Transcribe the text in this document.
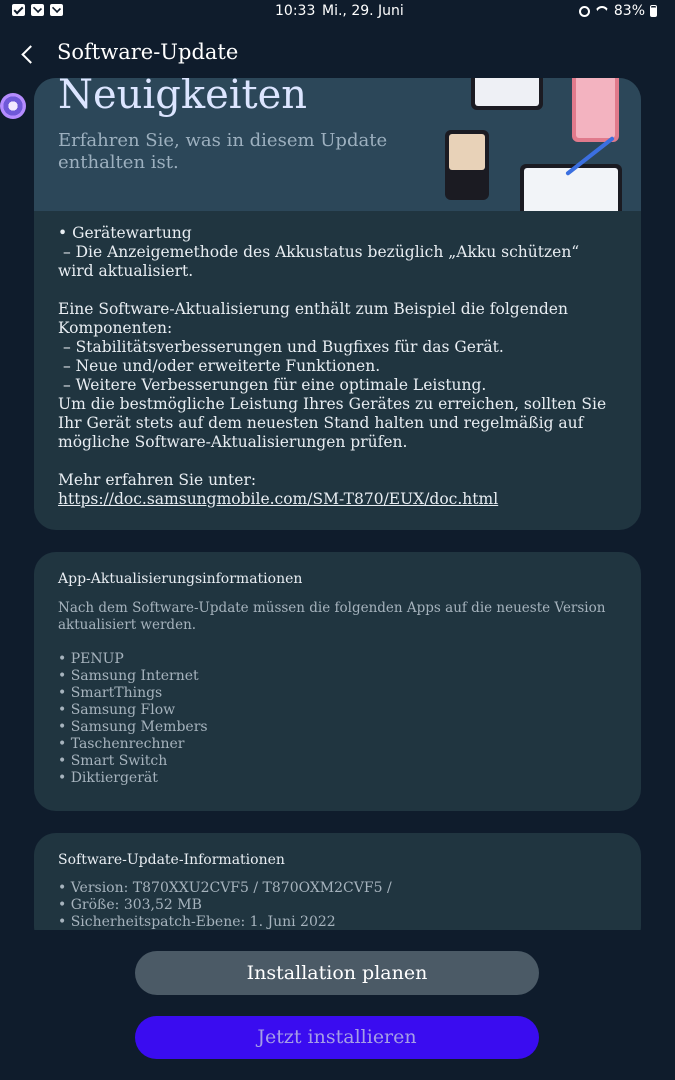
10:33 Mi., 29. Juni	83%
Software-Update
Neuigkeiten
Erfahren Sie, was in diesem Update enthalten ist.

• Gerätewartung

– Die Anzeigemethode des Akkustatus bezüglich „Akku schützen“ wird aktualisiert.

Eine Software-Aktualisierung enthält zum Beispiel die folgenden Komponenten:

– Stabilitätsverbesserungen und Bugfixes für das Gerät.

– Neue und/oder erweiterte Funktionen.

– Weitere Verbesserungen für eine optimale Leistung.

Um die bestmögliche Leistung Ihres Gerätes zu erreichen, sollten Sie Ihr Gerät stets auf dem neuesten Stand halten und regelmäßig auf mögliche Software-Aktualisierungen prüfen.

Mehr erfahren Sie unter:

https://doc.samsungmobile.com/SM-T870/EUX/doc.html

App-Aktualisierungsinformationen
Nach dem Software-Update müssen die folgenden Apps auf die neueste Version aktualisiert werden.
• PENUP
• Samsung Internet
• SmartThings
• Samsung Flow
• Samsung Members
• Taschenrechner
• Smart Switch
• Diktiergerät
Software-Update-Informationen
• Version: T870XXU2CVF5 / T870OXM2CVF5 /
• Größe: 303,52 MB
• Sicherheitspatch-Ebene: 1. Juni 2022
Installation planen
Jetzt installieren
